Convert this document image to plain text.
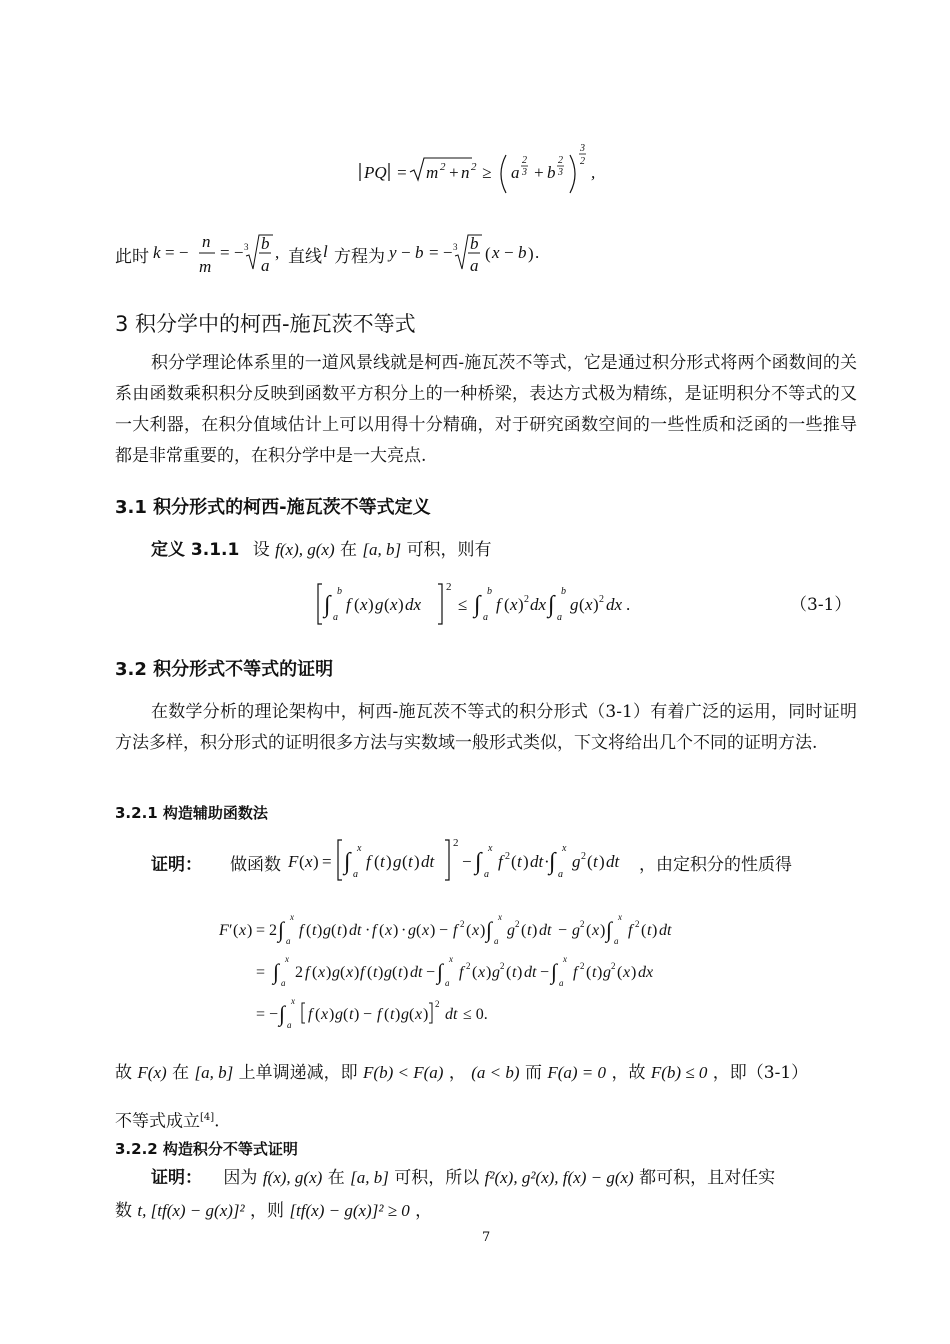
PQ = m 2 + n 2 ≥ a
2
3 + b
2
3
3
2
,
此时 k = −
n
m
= − 3 b
a
, 直线 l 方程为 y − b = − 3 b
a
( x − b ) .
3 积分学中的柯西-施瓦茨不等式
积分学理论体系里的一道风景线就是柯西-施瓦茨不等式，它是通过积分形式将两个函数间的关系由函数乘积积分反映到函数平方积分上的一种桥梁，表达方式极为精练，是证明积分不等式的又一大利器，在积分值域估计上可以用得十分精确，对于研究函数空间的一些性质和泛函的一些推导都是非常重要的，在积分学中是一大亮点.
3.1 积分形式的柯西-施瓦茨不等式定义
定义 3.1.1 设 f(x), g(x) 在 [a, b] 可积，则有
∫
b
a
f ( x ) g ( x ) dx
2
≤ ∫
b
a
f ( x ) 2 dx ∫
b
a
g ( x ) 2 dx .	（3-1）
3.2 积分形式不等式的证明
在数学分析的理论架构中，柯西-施瓦茨不等式的积分形式（3-1）有着广泛的运用，同时证明方法多样，积分形式的证明很多方法与实数域一般形式类似，下文将给出几个不同的证明方法.
3.2.1 构造辅助函数法
证明： 做函数 F ( x ) = ∫
x
a
f ( t ) g ( t ) dt
2
− ∫
x
a
f 2 ( t ) dt · ∫
x
a
g 2 ( t ) dt ，由定积分的性质得
F ′ ( x ) = 2 ∫ x
a
f ( t ) g ( t ) dt · f ( x ) · g ( x ) − f 2 ( x ) ∫ x
a
g 2 ( t ) dt − g 2 ( x ) ∫ x
a
f 2 ( t ) dt
= ∫ x
a
2 f ( x ) g ( x ) f ( t ) g ( t ) dt − ∫ x
a
f 2 ( x ) g 2 ( t ) dt − ∫ x
a
f 2 ( t ) g 2 ( x ) dx
= − ∫ x
a
f ( x ) g ( t ) − f ( t ) g ( x )
2
dt ≤ 0.
故 F(x) 在 [a, b] 上单调递减，即 F(b) < F(a) ， (a < b) 而 F(a) = 0 ，故 F(b) ≤ 0 ，即（3-1）
不等式成立[4].
3.2.2 构造积分不等式证明
证明： 因为 f(x), g(x) 在 [a, b] 可积，所以 f²(x), g²(x), f(x) − g(x) 都可积，且对任实
数 t, [tf(x) − g(x)]² ，则 [tf(x) − g(x)]² ≥ 0 ，
7
